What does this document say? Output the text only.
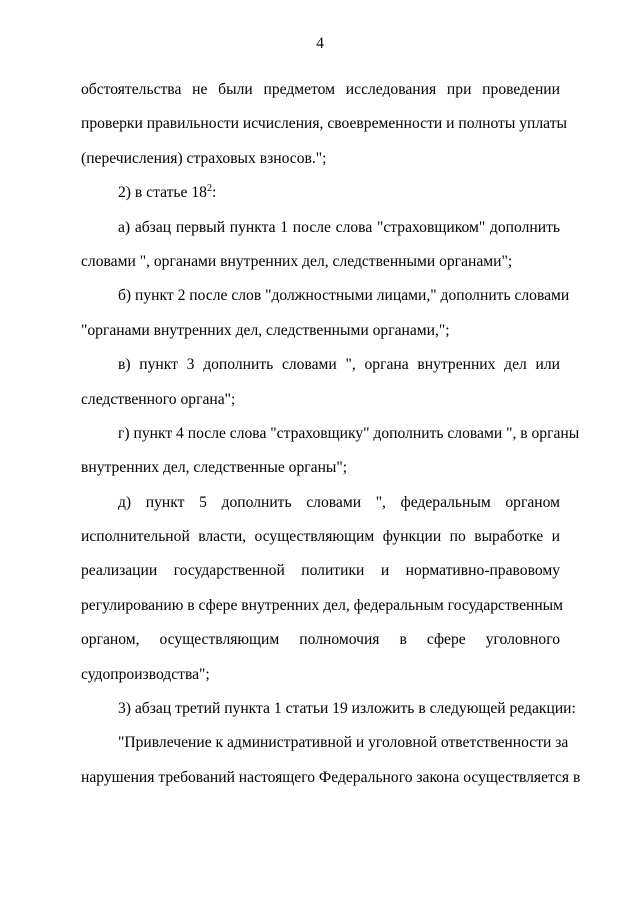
4
обстоятельства не были предметом исследования при проведении
проверки правильности исчисления, своевременности и полноты уплаты
(перечисления) страховых взносов.";
2) в статье $18^2$:
а) абзац первый пункта 1 после слова "страховщиком" дополнить
словами ", органами внутренних дел, следственными органами";
б) пункт 2 после слов "должностными лицами," дополнить словами
"органами внутренних дел, следственными органами,";
в) пункт 3 дополнить словами ", органа внутренних дел или
следственного органа";
г) пункт 4 после слова "страховщику" дополнить словами ", в органы
внутренних дел, следственные органы";
д) пункт 5 дополнить словами ", федеральным органом
исполнительной власти, осуществляющим функции по выработке и
реализации государственной политики и нормативно-правовому
регулированию в сфере внутренних дел, федеральным государственным
органом, осуществляющим полномочия в сфере уголовного
судопроизводства";
3) абзац третий пункта 1 статьи 19 изложить в следующей редакции:
"Привлечение к административной и уголовной ответственности за
нарушения требований настоящего Федерального закона осуществляется в
